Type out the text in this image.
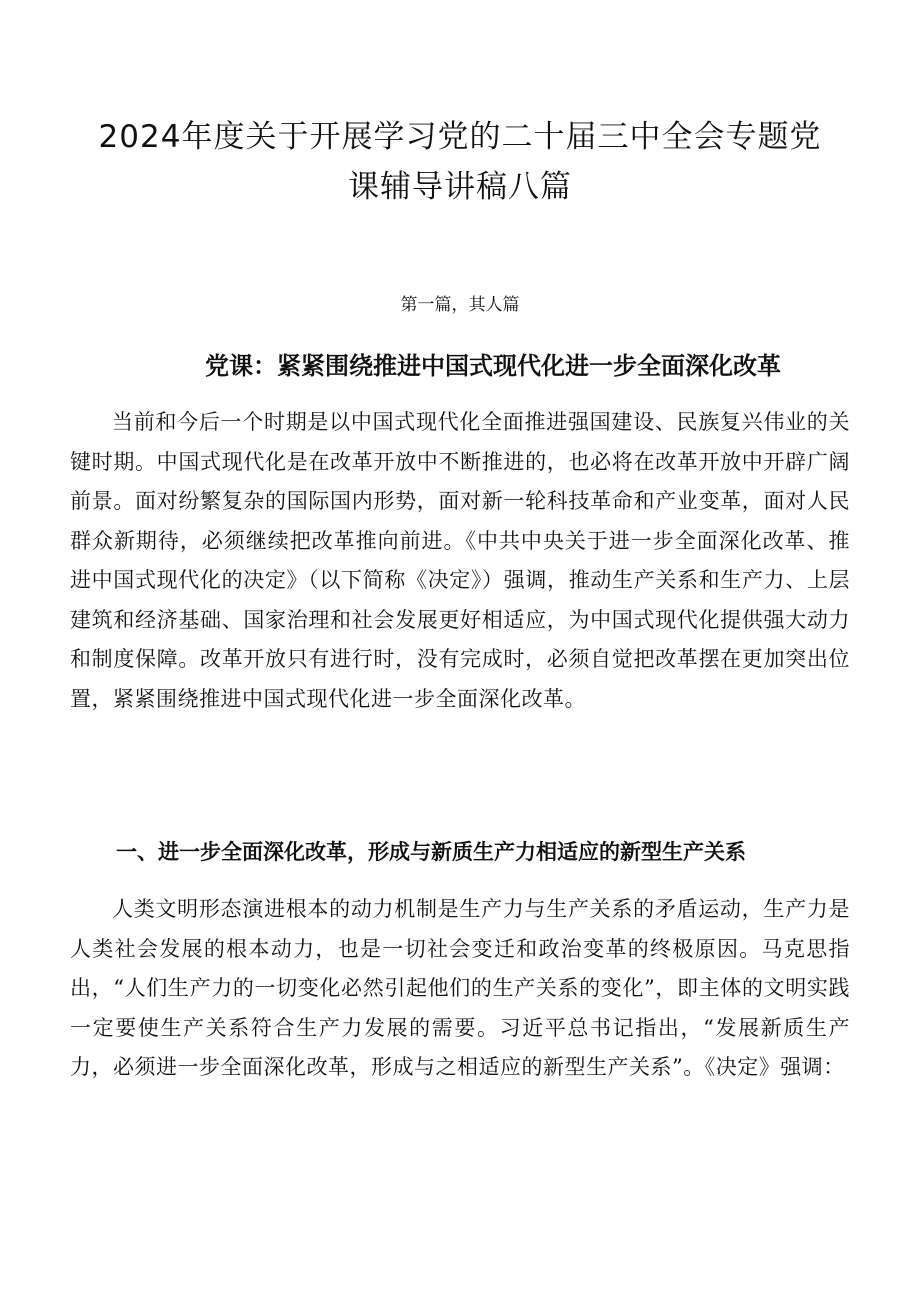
2024年度关于开展学习党的二十届三中全会专题党
课辅导讲稿八篇
第一篇，其人篇
党课：紧紧围绕推进中国式现代化进一步全面深化改革

当前和今后一个时期是以中国式现代化全面推进强国建设、民族复兴伟业的关键时期。中国式现代化是在改革开放中不断推进的，也必将在改革开放中开辟广阔前景。面对纷繁复杂的国际国内形势，面对新一轮科技革命和产业变革，面对人民群众新期待，必须继续把改革推向前进。《中共中央关于进一步全面深化改革、推进中国式现代化的决定》（以下简称《决定》）强调，推动生产关系和生产力、上层建筑和经济基础、国家治理和社会发展更好相适应，为中国式现代化提供强大动力和制度保障。改革开放只有进行时，没有完成时，必须自觉把改革摆在更加突出位置，紧紧围绕推进中国式现代化进一步全面深化改革。

一、进一步全面深化改革，形成与新质生产力相适应的新型生产关系

人类文明形态演进根本的动力机制是生产力与生产关系的矛盾运动，生产力是人类社会发展的根本动力，也是一切社会变迁和政治变革的终极原因。马克思指出，“人们生产力的一切变化必然引起他们的生产关系的变化”，即主体的文明实践一定要使生产关系符合生产力发展的需要。习近平总书记指出，“发展新质生产力，必须进一步全面深化改革，形成与之相适应的新型生产关系”。《决定》强调：
